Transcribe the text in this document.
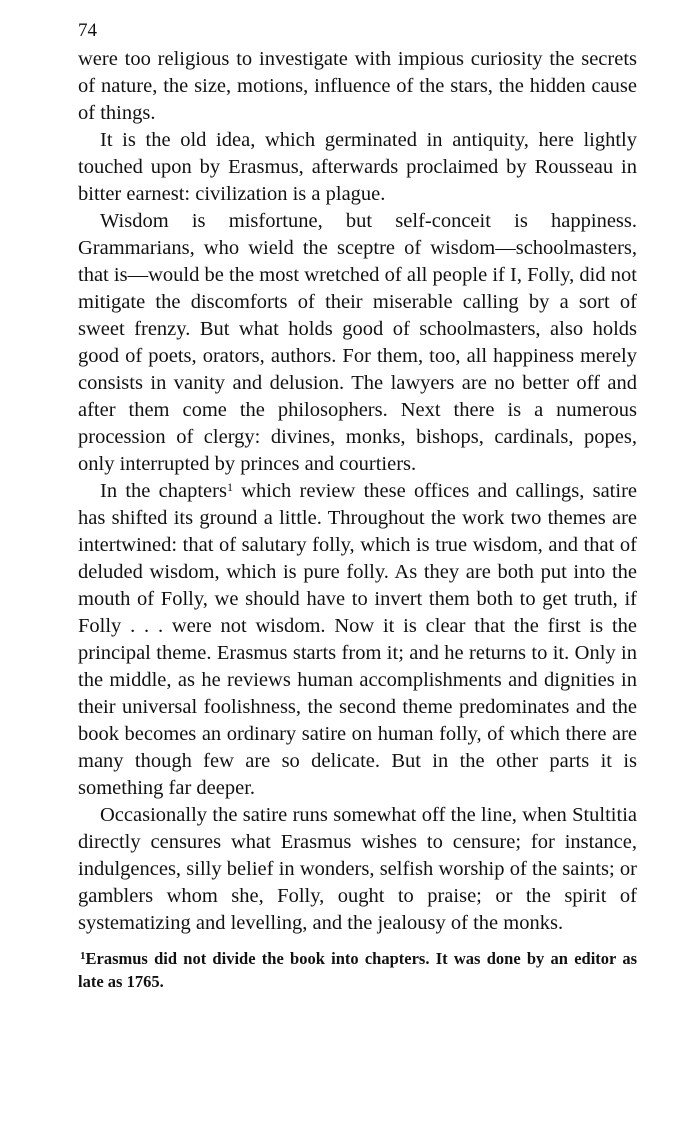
74

were too religious to investigate with impious curiosity the secrets of nature, the size, motions, influence of the stars, the hidden cause of things.

It is the old idea, which germinated in antiquity, here lightly touched upon by Erasmus, afterwards proclaimed by Rousseau in bitter earnest: civilization is a plague.

Wisdom is misfortune, but self-conceit is happiness. Grammarians, who wield the sceptre of wisdom—schoolmasters, that is—would be the most wretched of all people if I, Folly, did not mitigate the discomforts of their miserable calling by a sort of sweet frenzy. But what holds good of schoolmasters, also holds good of poets, orators, authors. For them, too, all happiness merely consists in vanity and delusion. The lawyers are no better off and after them come the philosophers. Next there is a numerous procession of clergy: divines, monks, bishops, cardinals, popes, only interrupted by princes and courtiers.

In the chapters$^1$ which review these offices and callings, satire has shifted its ground a little. Throughout the work two themes are intertwined: that of salutary folly, which is true wisdom, and that of deluded wisdom, which is pure folly. As they are both put into the mouth of Folly, we should have to invert them both to get truth, if Folly . . . were not wisdom. Now it is clear that the first is the principal theme. Erasmus starts from it; and he returns to it. Only in the middle, as he reviews human accomplishments and dignities in their universal foolishness, the second theme predominates and the book becomes an ordinary satire on human folly, of which there are many though few are so delicate. But in the other parts it is something far deeper.

Occasionally the satire runs somewhat off the line, when Stultitia directly censures what Erasmus wishes to censure; for instance, indulgences, silly belief in wonders, selfish worship of the saints; or gamblers whom she, Folly, ought to praise; or the spirit of systematizing and levelling, and the jealousy of the monks.

$^1$Erasmus did not divide the book into chapters. It was done by an editor as late as 1765.
